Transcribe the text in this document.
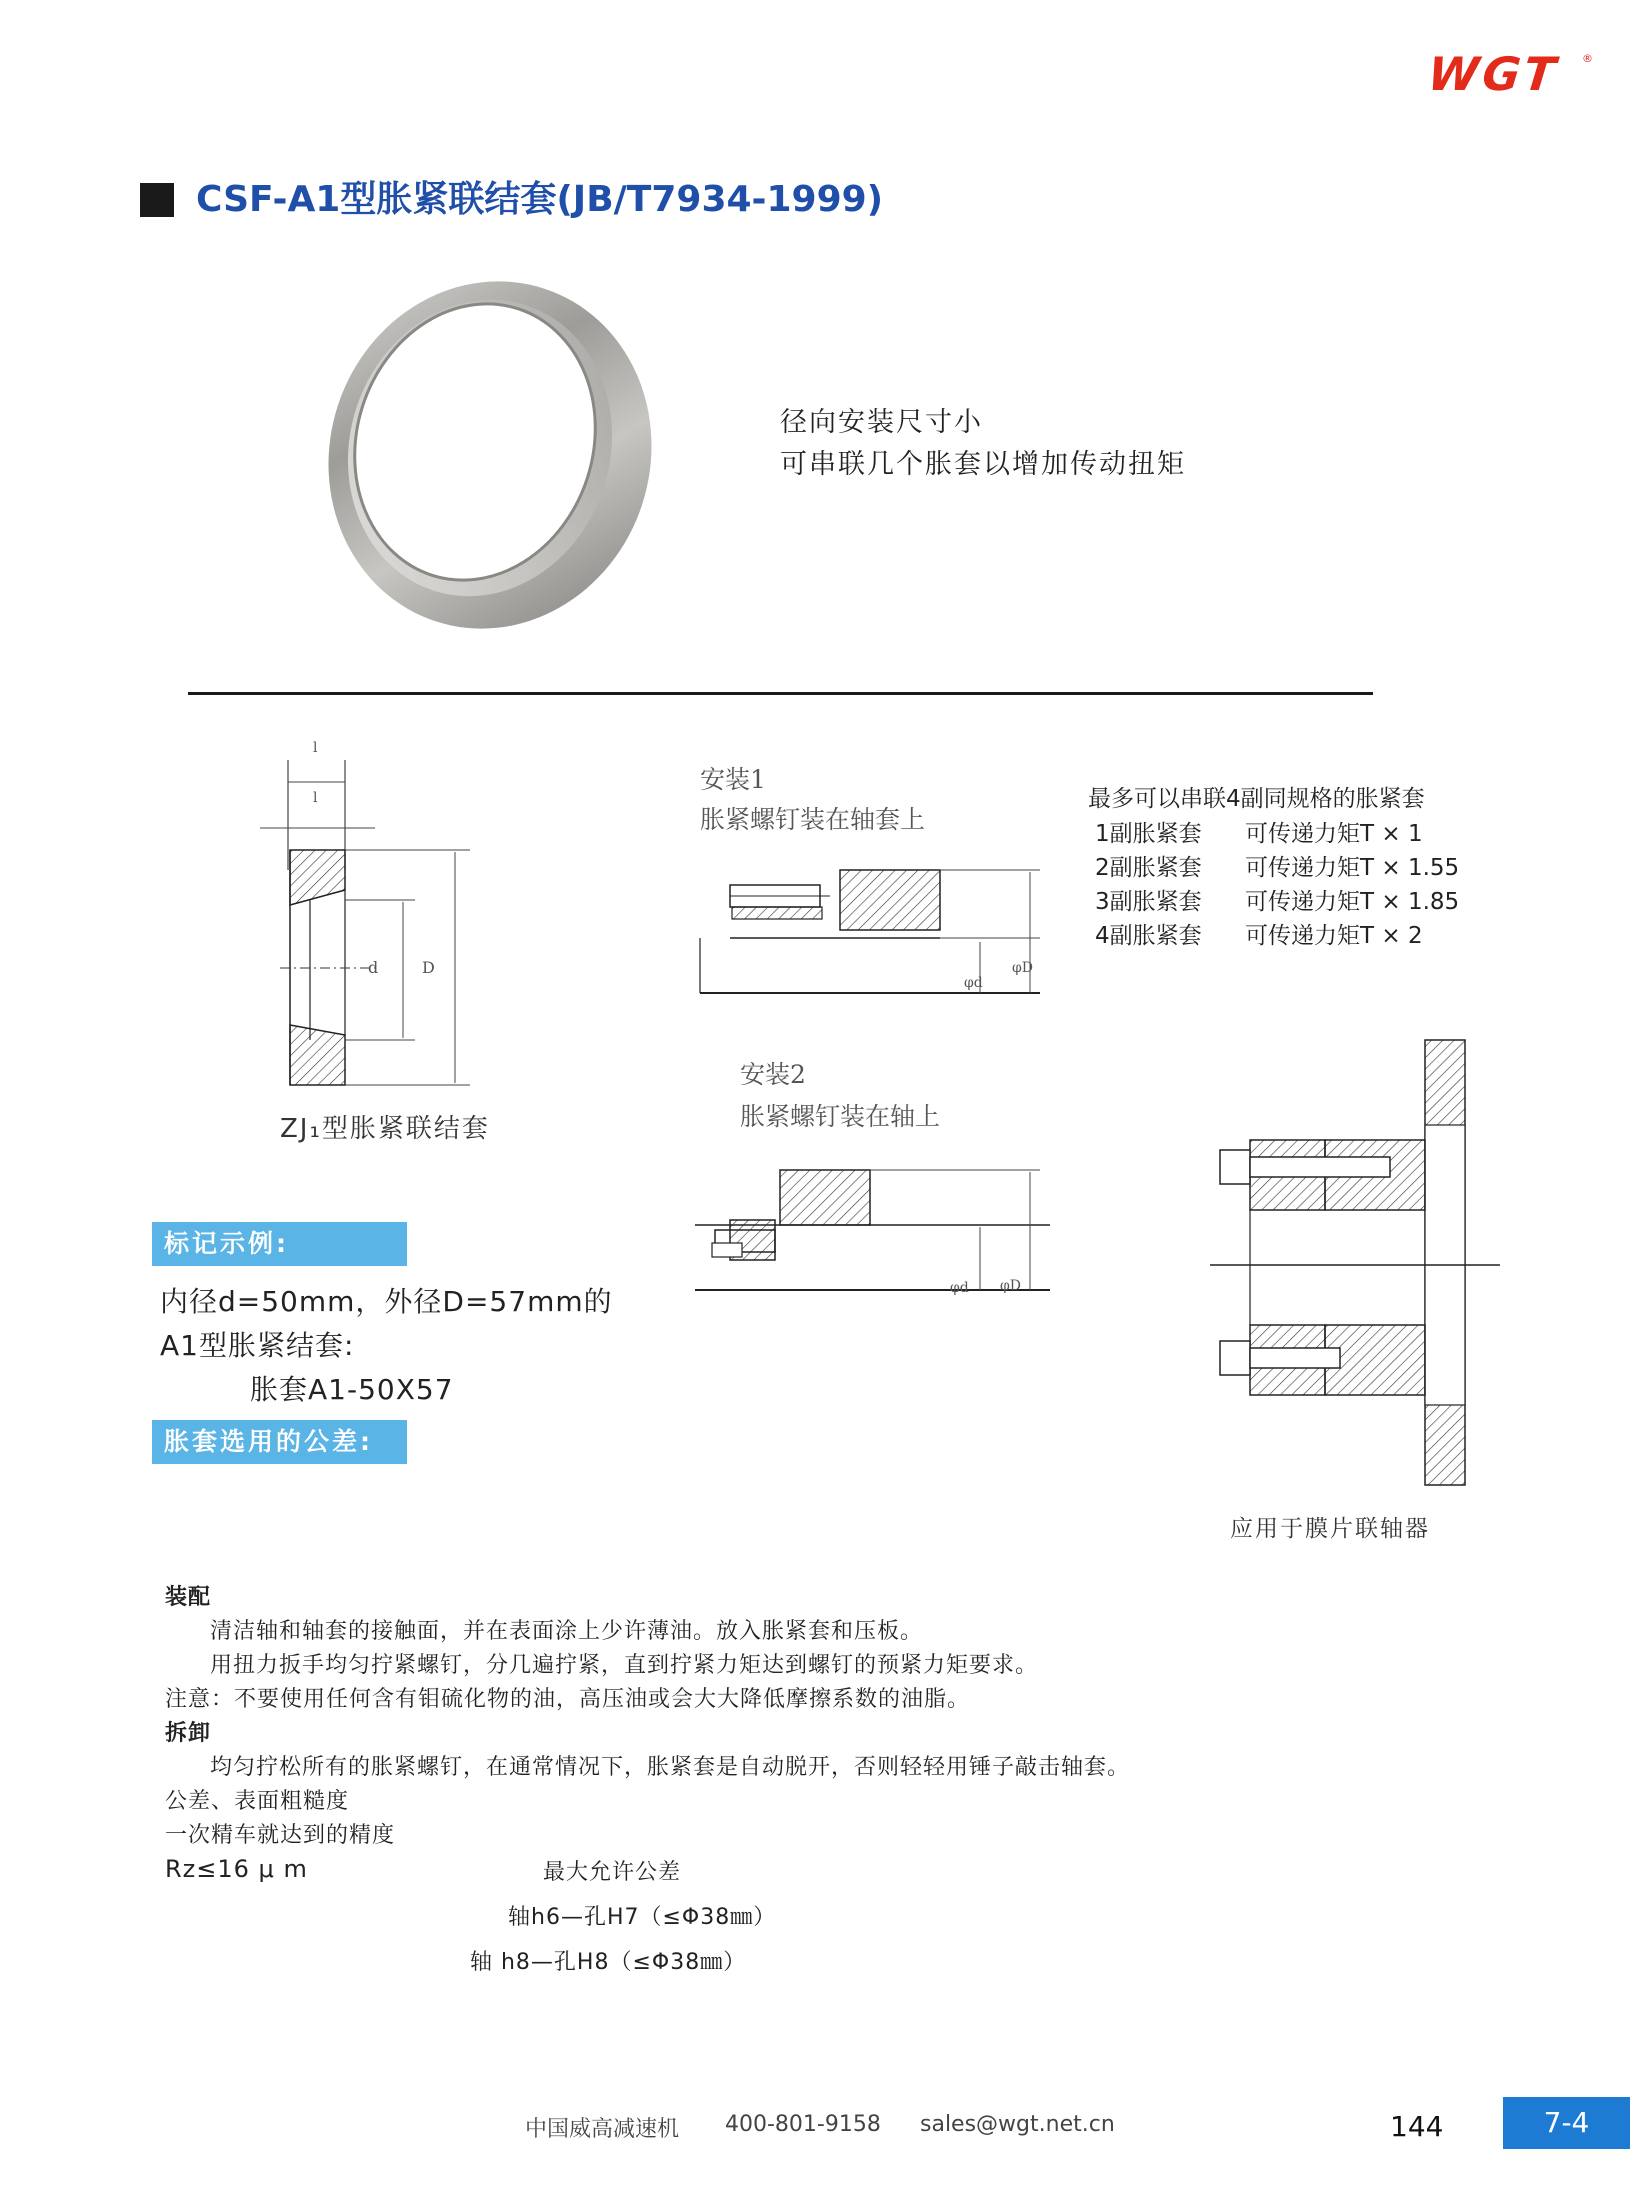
WGT	®
CSF-A1型胀紧联结套(JB/T7934-1999)
径向安装尺寸小
可串联几个胀套以增加传动扭矩
l
l
d	D
ZJ₁型胀紧联结套
安装1
胀紧螺钉装在轴套上
φd
φD
最多可以串联4副同规格的胀紧套
1副胀紧套 可传递力矩T × 1
2副胀紧套 可传递力矩T × 1.55
3副胀紧套 可传递力矩T × 1.85
4副胀紧套 可传递力矩T × 2
安装2
胀紧螺钉装在轴上
φd φD
应用于膜片联轴器
标记示例:
内径d=50mm，外径D=57mm的
A1型胀紧结套:
胀套A1-50X57
胀套选用的公差:
装配
清洁轴和轴套的接触面，并在表面涂上少许薄油。放入胀紧套和压板。
用扭力扳手均匀拧紧螺钉，分几遍拧紧，直到拧紧力矩达到螺钉的预紧力矩要求。
注意：不要使用任何含有钼硫化物的油，高压油或会大大降低摩擦系数的油脂。
拆卸
均匀拧松所有的胀紧螺钉，在通常情况下，胀紧套是自动脱开，否则轻轻用锤子敲击轴套。
公差、表面粗糙度
一次精车就达到的精度
Rz≤16 μ m	最大允许公差
轴h6—孔H7（≤Φ38㎜）
轴 h8—孔H8（≤Φ38㎜）
中国威高减速机 400-801-9158 sales@wgt.net.cn	144	7-4
